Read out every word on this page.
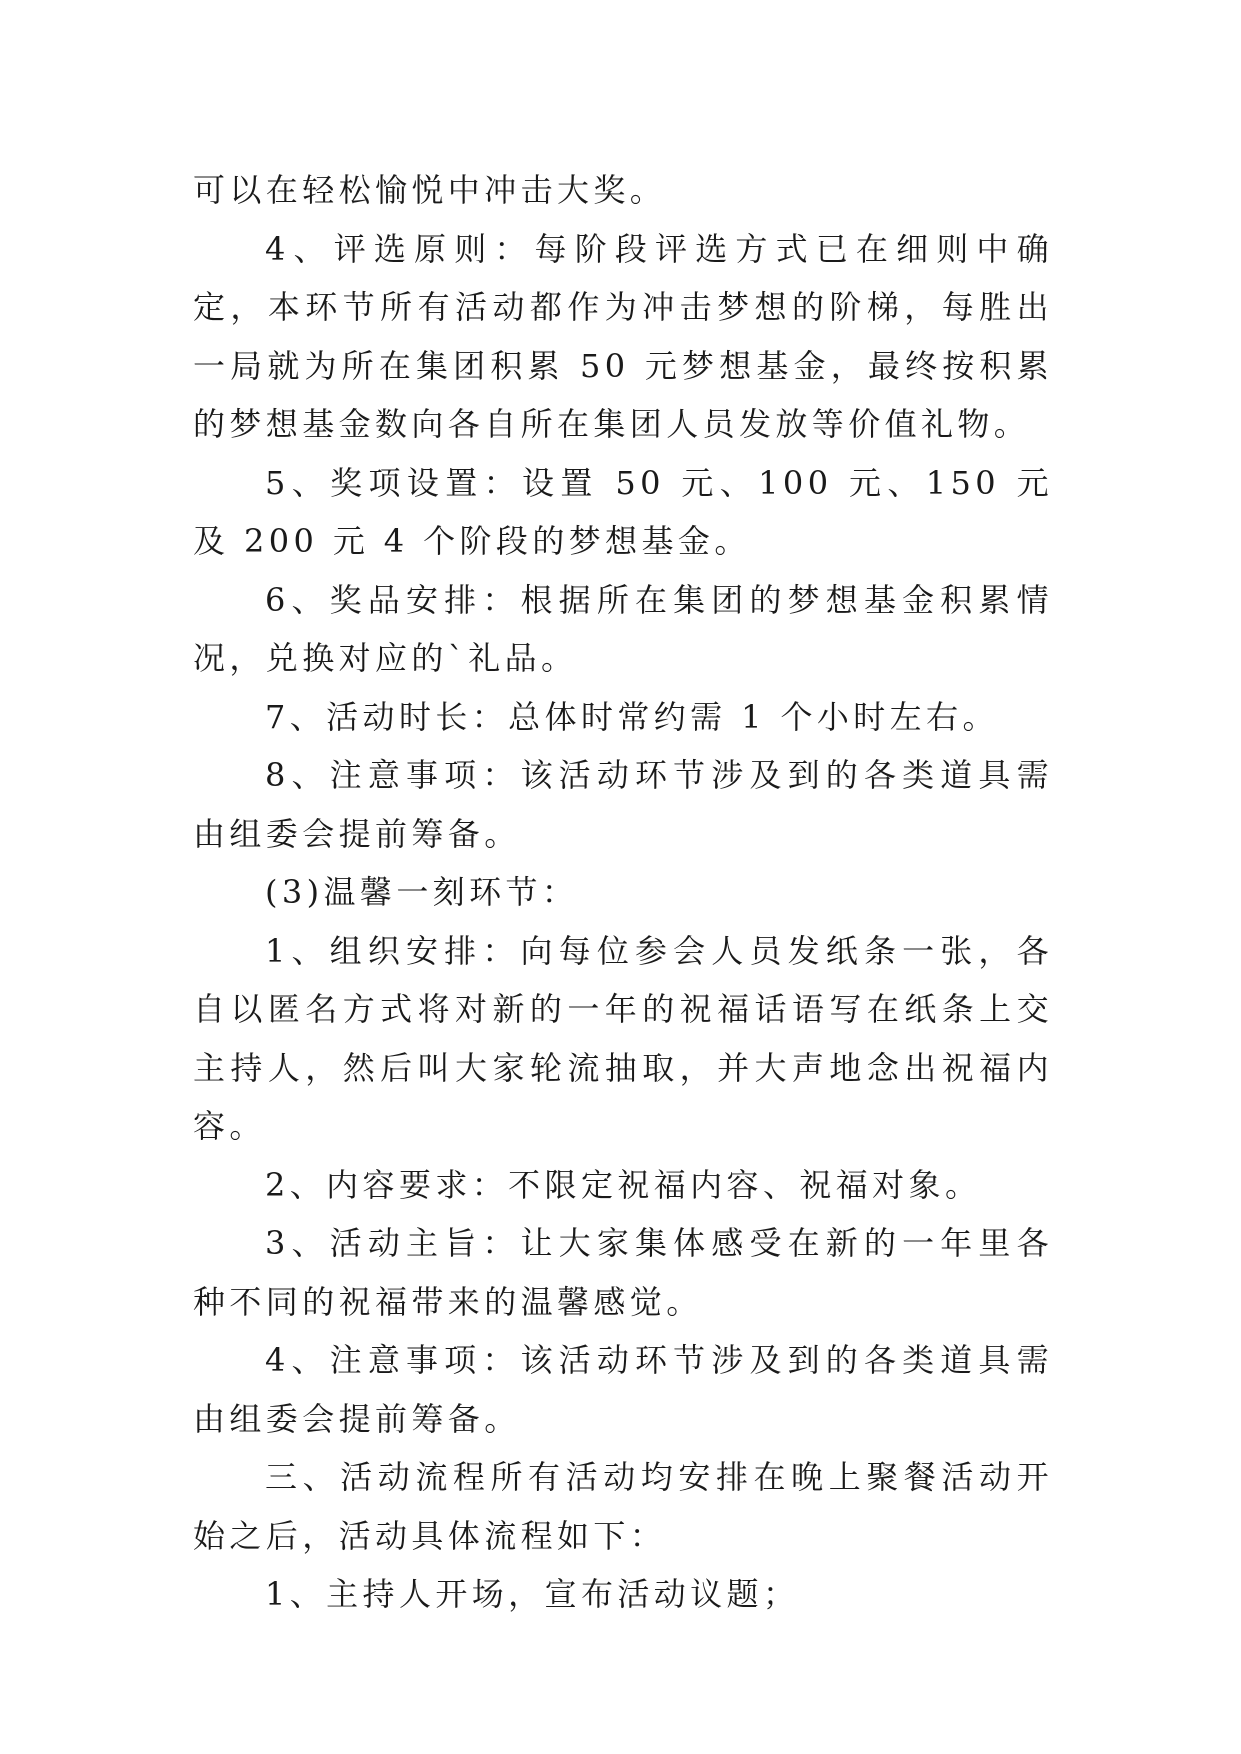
可以在轻松愉悦中冲击大奖。

4、评选原则：每阶段评选方式已在细则中确定，本环节所有活动都作为冲击梦想的阶梯，每胜出一局就为所在集团积累 50 元梦想基金，最终按积累的梦想基金数向各自所在集团人员发放等价值礼物。

5、奖项设置：设置 50 元、100 元、150 元及 200 元 4 个阶段的梦想基金。

6、奖品安排：根据所在集团的梦想基金积累情况，兑换对应的`礼品。

7、活动时长：总体时常约需 1 个小时左右。

8、注意事项：该活动环节涉及到的各类道具需由组委会提前筹备。

(3)温馨一刻环节：

1、组织安排：向每位参会人员发纸条一张，各自以匿名方式将对新的一年的祝福话语写在纸条上交主持人，然后叫大家轮流抽取，并大声地念出祝福内容。

2、内容要求：不限定祝福内容、祝福对象。

3、活动主旨：让大家集体感受在新的一年里各种不同的祝福带来的温馨感觉。

4、注意事项：该活动环节涉及到的各类道具需由组委会提前筹备。

三、活动流程所有活动均安排在晚上聚餐活动开始之后，活动具体流程如下：

1、主持人开场，宣布活动议题；
